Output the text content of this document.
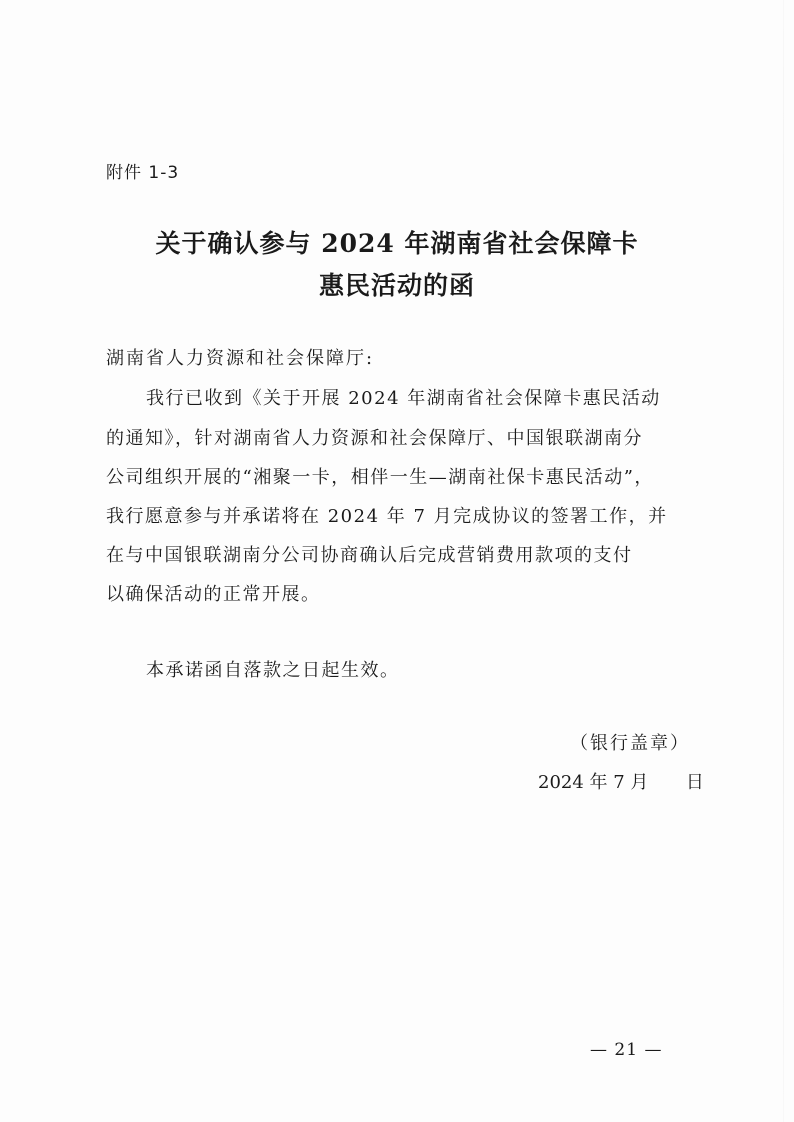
附件 1-3
关于确认参与 2024 年湖南省社会保障卡
惠民活动的函
湖南省人力资源和社会保障厅:
我行已收到《关于开展 2024 年湖南省社会保障卡惠民活动
的通知》，针对湖南省人力资源和社会保障厅、中国银联湖南分
公司组织开展的“湘聚一卡，相伴一生—湖南社保卡惠民活动”，
我行愿意参与并承诺将在 2024 年 7 月完成协议的签署工作，并
在与中国银联湖南分公司协商确认后完成营销费用款项的支付
以确保活动的正常开展。
本承诺函自落款之日起生效。
（银行盖章）
2024 年 7 月 日
— 21 —
